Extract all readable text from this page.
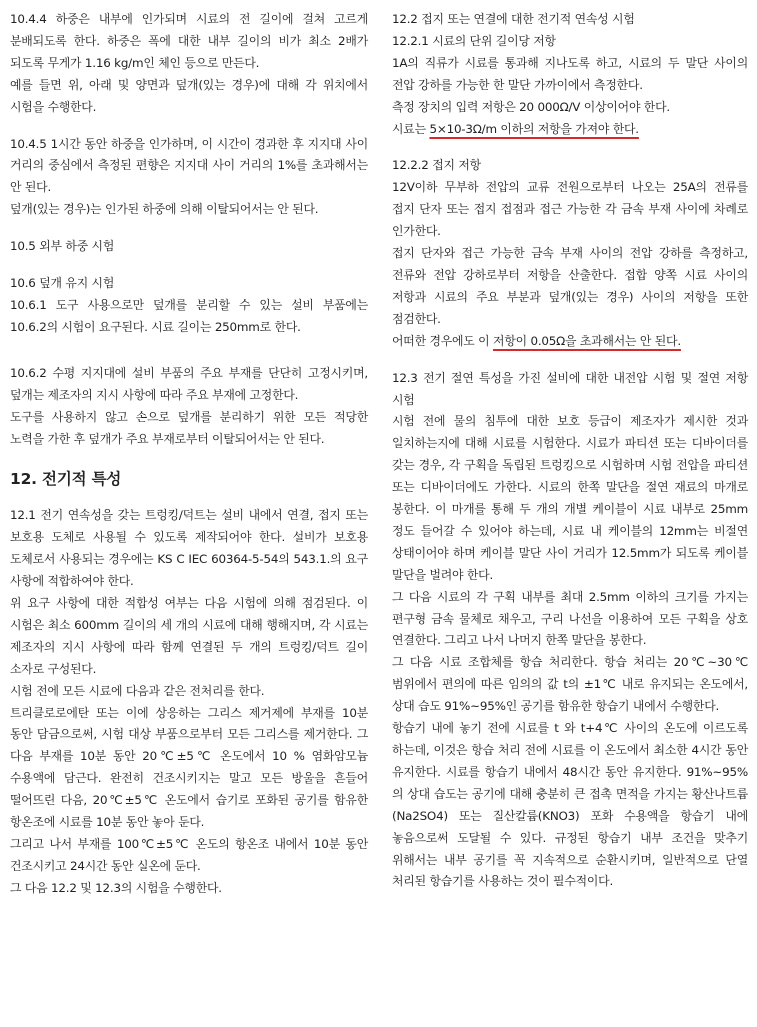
10.4.4 하중은 내부에 인가되며 시료의 전 길이에 걸쳐 고르게 분배되도록 한다. 하중은 폭에 대한 내부 길이의 비가 최소 2배가 되도록 무게가 1.16 kg/m인 체인 등으로 만든다.

예를 들면 위, 아래 및 양면과 덮개(있는 경우)에 대해 각 위치에서 시험을 수행한다.

10.4.5 1시간 동안 하중을 인가하며, 이 시간이 경과한 후 지지대 사이 거리의 중심에서 측정된 편향은 지지대 사이 거리의 1%를 초과해서는 안 된다.

덮개(있는 경우)는 인가된 하중에 의해 이탈되어서는 안 된다.

10.5 외부 하중 시험

10.6 덮개 유지 시험

10.6.1 도구 사용으로만 덮개를 분리할 수 있는 설비 부품에는 10.6.2의 시험이 요구된다. 시료 길이는 250mm로 한다.

10.6.2 수평 지지대에 설비 부품의 주요 부재를 단단히 고정시키며, 덮개는 제조자의 지시 사항에 따라 주요 부재에 고정한다.

도구를 사용하지 않고 손으로 덮개를 분리하기 위한 모든 적당한 노력을 가한 후 덮개가 주요 부재로부터 이탈되어서는 안 된다.

12. 전기적 특성

12.1 전기 연속성을 갖는 트렁킹/덕트는 설비 내에서 연결, 접지 또는 보호용 도체로 사용될 수 있도록 제작되어야 한다. 설비가 보호용 도체로서 사용되는 경우에는 KS C IEC 60364-5-54의 543.1.의 요구 사항에 적합하여야 한다.

위 요구 사항에 대한 적합성 여부는 다음 시험에 의해 점검된다. 이 시험은 최소 600mm 길이의 세 개의 시료에 대해 행해지며, 각 시료는 제조자의 지시 사항에 따라 함께 연결된 두 개의 트렁킹/덕트 길이 소자로 구성된다.

시험 전에 모든 시료에 다음과 같은 전처리를 한다.

트리클로로에탄 또는 이에 상응하는 그리스 제거제에 부재를 10분 동안 담금으로써, 시험 대상 부품으로부터 모든 그리스를 제거한다. 그 다음 부재를 10분 동안 20℃±5℃ 온도에서 10 % 염화암모늄 수용액에 담근다. 완전히 건조시키지는 말고 모든 방울을 흔들어 떨어뜨린 다음, 20℃±5℃ 온도에서 습기로 포화된 공기를 함유한 항온조에 시료를 10분 동안 놓아 둔다.

그리고 나서 부재를 100℃±5℃ 온도의 항온조 내에서 10분 동안 건조시키고 24시간 동안 실온에 둔다.

그 다음 12.2 및 12.3의 시험을 수행한다.

12.2 접지 또는 연결에 대한 전기적 연속성 시험

12.2.1 시료의 단위 길이당 저항

1A의 직류가 시료를 통과해 지나도록 하고, 시료의 두 말단 사이의 전압 강하를 가능한 한 말단 가까이에서 측정한다.

측정 장치의 입력 저항은 20 000Ω/V 이상이어야 한다.

시료는 5×10-3Ω/m 이하의 저항을 가져야 한다.

12.2.2 접지 저항

12V이하 무부하 전압의 교류 전원으로부터 나오는 25A의 전류를 접지 단자 또는 접지 접점과 접근 가능한 각 금속 부재 사이에 차례로 인가한다.

접지 단자와 접근 가능한 금속 부재 사이의 전압 강하를 측정하고, 전류와 전압 강하로부터 저항을 산출한다. 접합 양쪽 시료 사이의 저항과 시료의 주요 부분과 덮개(있는 경우) 사이의 저항을 또한 점검한다.

어떠한 경우에도 이 저항이 0.05Ω을 초과해서는 안 된다.

12.3 전기 절연 특성을 가진 설비에 대한 내전압 시험 및 절연 저항 시험

시험 전에 물의 침투에 대한 보호 등급이 제조자가 제시한 것과 일치하는지에 대해 시료를 시험한다. 시료가 파티션 또는 디바이더를 갖는 경우, 각 구획을 독립된 트렁킹으로 시험하며 시험 전압을 파티션 또는 디바이더에도 가한다. 시료의 한쪽 말단을 절연 재료의 마개로 봉한다. 이 마개를 통해 두 개의 개별 케이블이 시료 내부로 25mm 정도 들어갈 수 있어야 하는데, 시료 내 케이블의 12mm는 비절연 상태이어야 하며 케이블 말단 사이 거리가 12.5mm가 되도록 케이블 말단을 벌려야 한다.

그 다음 시료의 각 구획 내부를 최대 2.5mm 이하의 크기를 가지는 편구형 금속 물체로 채우고, 구리 나선을 이용하여 모든 구획을 상호 연결한다. 그리고 나서 나머지 한쪽 말단을 봉한다.

그 다음 시료 조합체를 항습 처리한다. 항습 처리는 20℃~30℃ 범위에서 편의에 따른 임의의 값 t의 ±1℃ 내로 유지되는 온도에서, 상대 습도 91%~95%인 공기를 함유한 항습기 내에서 수행한다.

항습기 내에 놓기 전에 시료를 t 와 t+4℃ 사이의 온도에 이르도록 하는데, 이것은 항습 처리 전에 시료를 이 온도에서 최소한 4시간 동안 유지한다. 시료를 항습기 내에서 48시간 동안 유지한다. 91%~95%의 상대 습도는 공기에 대해 충분히 큰 접촉 면적을 가지는 황산나트륨(Na2SO4) 또는 질산칼륨(KNO3) 포화 수용액을 항습기 내에 놓음으로써 도달될 수 있다. 규정된 항습기 내부 조건을 맞추기 위해서는 내부 공기를 꼭 지속적으로 순환시키며, 일반적으로 단열 처리된 항습기를 사용하는 것이 필수적이다.
